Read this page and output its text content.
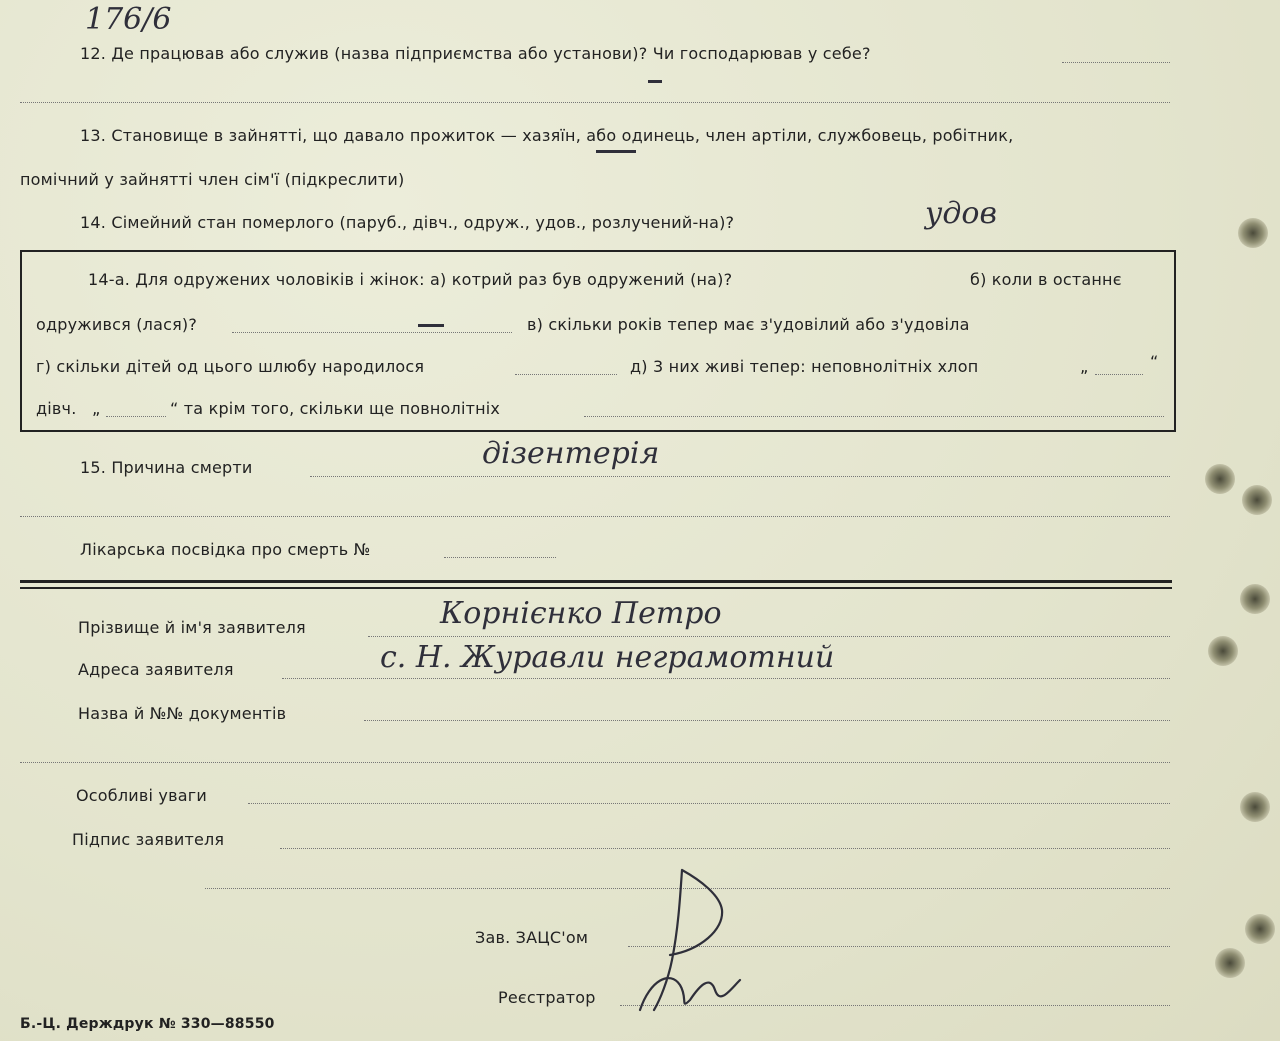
176/6
12. Де працював або служив (назва підприємства або установи)? Чи господарював у себе?
13. Становище в зайнятті, що давало прожиток — хазяїн, або одинець, член артіли, службовець, робітник,
помічний у зайнятті член сім'ї (підкреслити)
14. Сімейний стан померлого (паруб., дівч., одруж., удов., розлучений-на)?	удов
14-а. Для одружених чоловіків і жінок: а) котрий раз був одружений (на)?	б) коли в останнє
одружився (лася)?	в) скільки років тепер має з'удовілий або з'удовіла
г) скільки дітей од цього шлюбу народилося	д) 3 них живі тепер: неповнолітніх хлоп	„	“
дівч. „	“ та крім того, скільки ще повнолітніх
15. Причина смерти	дізентерія
Лікарська посвідка про смерть №
Прізвище й ім'я заявителя	Корнієнко Петро
Адреса заявителя	с. Н. Журавли неграмотний
Назва й №№ документів
Особливі уваги
Підпис заявителя
Зав. ЗАЦС'ом
Реєстратор
Б.-Ц. Держдрук № 330—88550
